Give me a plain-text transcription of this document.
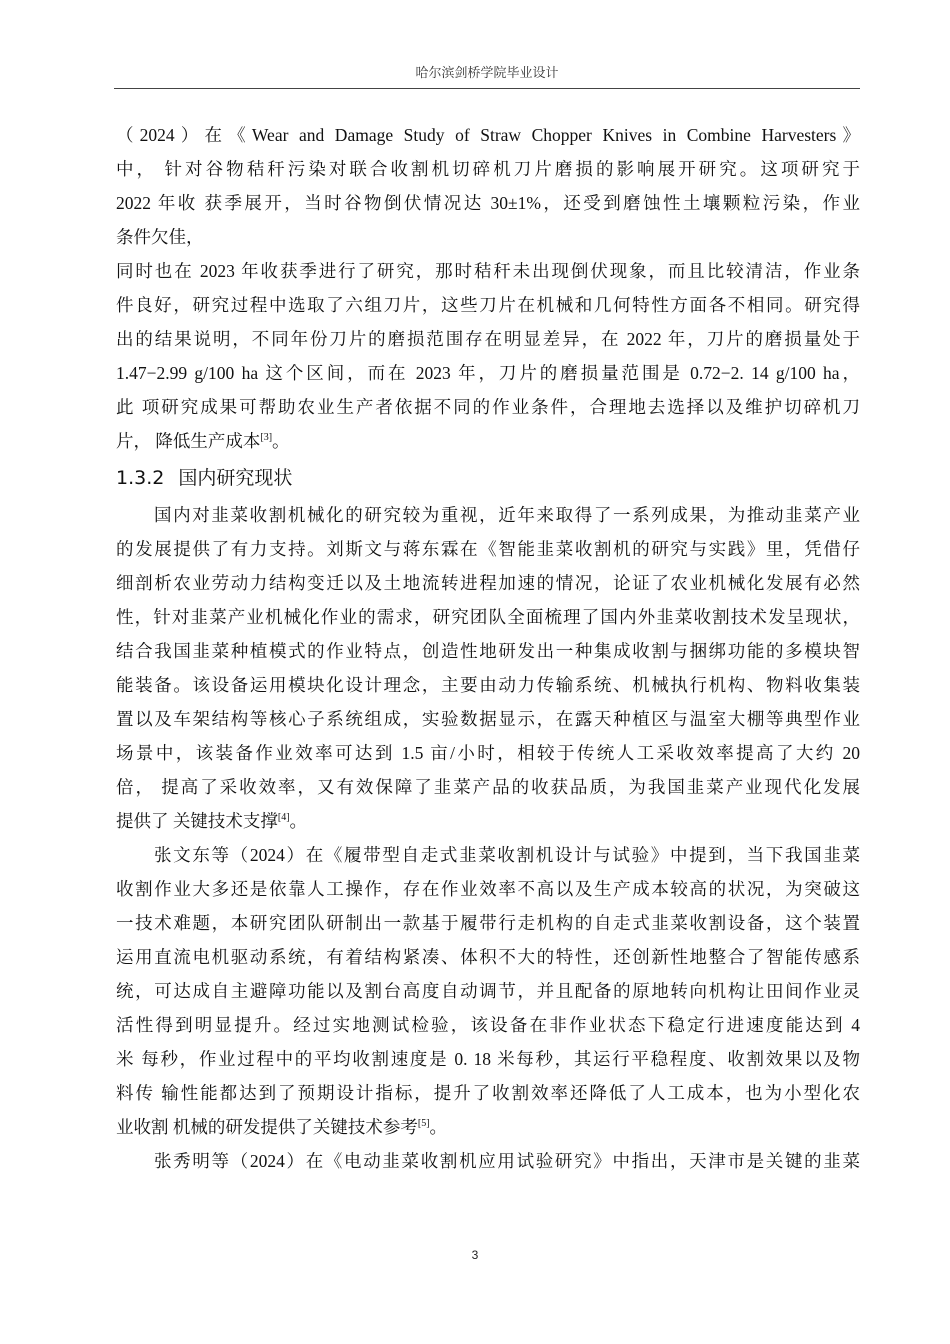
哈尔滨剑桥学院毕业设计
（2024）在《Wear and Damage Study of Straw Chopper Knives in Combine Harvesters》
中， 针对谷物秸秆污染对联合收割机切碎机刀片磨损的影响展开研究。这项研究于
2022 年收 获季展开，当时谷物倒伏情况达 30±1%，还受到磨蚀性土壤颗粒污染，作业
条件欠佳，
同时也在 2023 年收获季进行了研究，那时秸秆未出现倒伏现象，而且比较清洁，作业条
件良好，研究过程中选取了六组刀片，这些刀片在机械和几何特性方面各不相同。研究得
出的结果说明，不同年份刀片的磨损范围存在明显差异，在 2022 年，刀片的磨损量处于
1.47−2.99 g/100 ha 这个区间，而在 2023 年，刀片的磨损量范围是 0.72−2. 14 g/100 ha，
此 项研究成果可帮助农业生产者依据不同的作业条件，合理地去选择以及维护切碎机刀
片， 降低生产成本[3]。
1.3.2 国内研究现状
国内对韭菜收割机械化的研究较为重视，近年来取得了一系列成果，为推动韭菜产业
的发展提供了有力支持。刘斯文与蒋东霖在《智能韭菜收割机的研究与实践》里，凭借仔
细剖析农业劳动力结构变迁以及土地流转进程加速的情况，论证了农业机械化发展有必然
性，针对韭菜产业机械化作业的需求，研究团队全面梳理了国内外韭菜收割技术发呈现状，
结合我国韭菜种植模式的作业特点，创造性地研发出一种集成收割与捆绑功能的多模块智
能装备。该设备运用模块化设计理念，主要由动力传输系统、机械执行机构、物料收集装
置以及车架结构等核心子系统组成，实验数据显示，在露天种植区与温室大棚等典型作业
场景中，该装备作业效率可达到 1.5 亩/小时，相较于传统人工采收效率提高了大约 20
倍， 提高了采收效率，又有效保障了韭菜产品的收获品质，为我国韭菜产业现代化发展
提供了 关键技术支撑[4]。
张文东等（2024）在《履带型自走式韭菜收割机设计与试验》中提到，当下我国韭菜
收割作业大多还是依靠人工操作，存在作业效率不高以及生产成本较高的状况，为突破这
一技术难题，本研究团队研制出一款基于履带行走机构的自走式韭菜收割设备，这个装置
运用直流电机驱动系统，有着结构紧凑、体积不大的特性，还创新性地整合了智能传感系
统，可达成自主避障功能以及割台高度自动调节，并且配备的原地转向机构让田间作业灵
活性得到明显提升。经过实地测试检验，该设备在非作业状态下稳定行进速度能达到 4
米 每秒，作业过程中的平均收割速度是 0. 18 米每秒，其运行平稳程度、收割效果以及物
料传 输性能都达到了预期设计指标，提升了收割效率还降低了人工成本，也为小型化农
业收割 机械的研发提供了关键技术参考[5]。
张秀明等（2024）在《电动韭菜收割机应用试验研究》中指出，天津市是关键的韭菜
3
